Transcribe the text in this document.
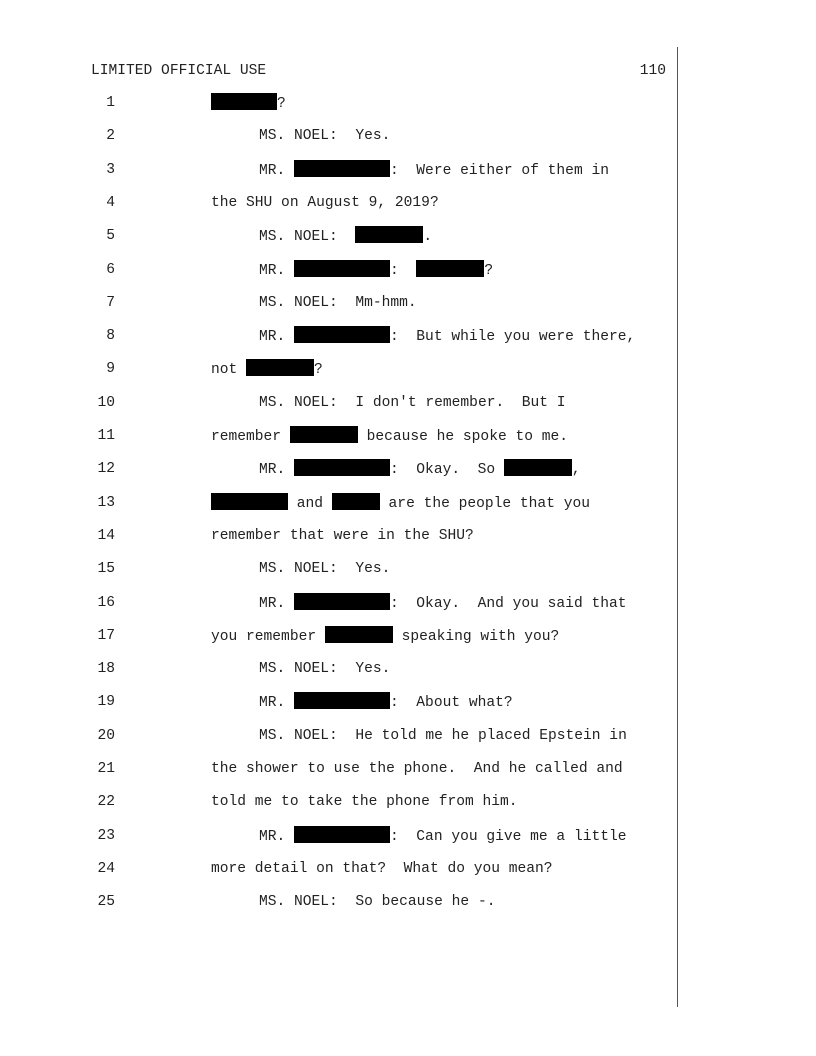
LIMITED OFFICIAL USE	110
1	?
2	MS. NOEL:  Yes.
3	MR.	:  Were either of them in
4	the SHU on August 9, 2019?
5	MS. NOEL:	.
6	MR.	:	?
7	MS. NOEL:  Mm-hmm.
8	MR.	:  But while you were there,
9	not	?
10	MS. NOEL:  I don't remember.  But I
11	remember	because he spoke to me.
12	MR.	:  Okay.  So	,
13	and	are the people that you
14	remember that were in the SHU?
15	MS. NOEL:  Yes.
16	MR.	:  Okay.  And you said that
17	you remember	speaking with you?
18	MS. NOEL:  Yes.
19	MR.	:  About what?
20	MS. NOEL:  He told me he placed Epstein in
21	the shower to use the phone.  And he called and
22	told me to take the phone from him.
23	MR.	:  Can you give me a little
24	more detail on that?  What do you mean?
25	MS. NOEL:  So because he -.
